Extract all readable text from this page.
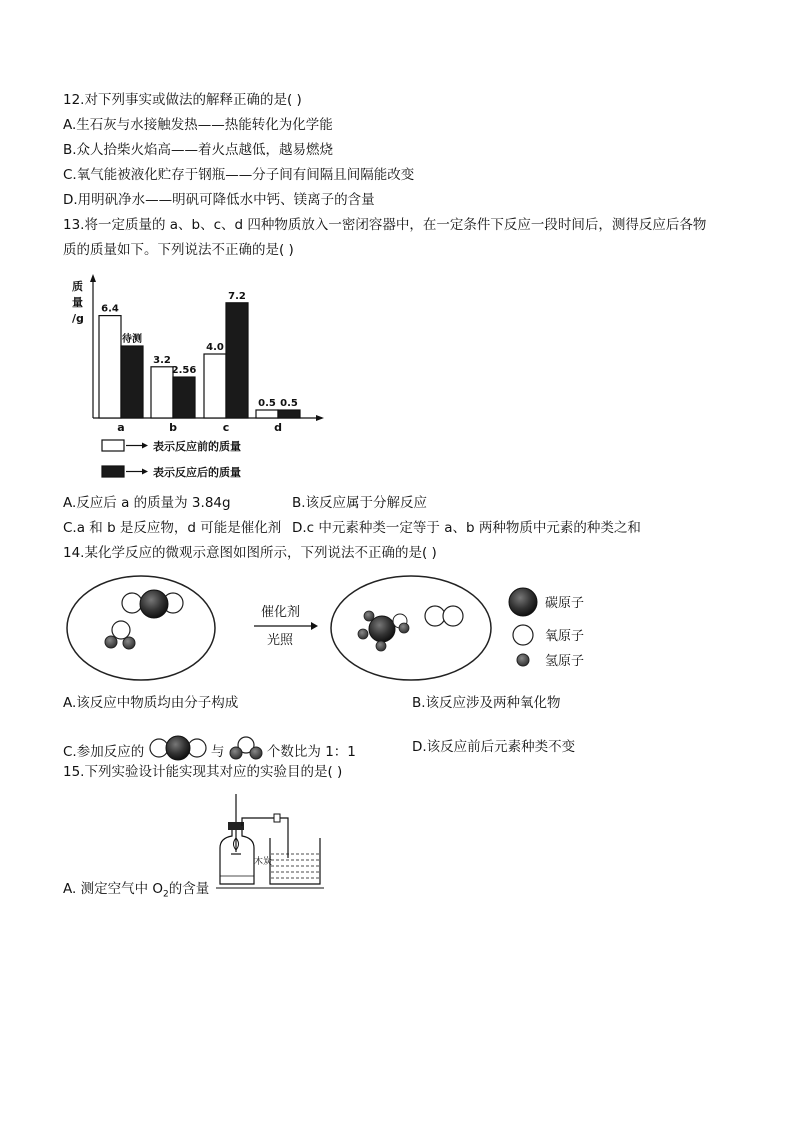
12.对下列事实或做法的解释正确的是( )
A.生石灰与水接触发热——热能转化为化学能
B.众人拾柴火焰高——着火点越低，越易燃烧
C.氧气能被液化贮存于钢瓶——分子间有间隔且间隔能改变
D.用明矾净水——明矾可降低水中钙、镁离子的含量
13.将一定质量的 a、b、c、d 四种物质放入一密闭容器中，在一定条件下反应一段时间后，测得反应后各物
质的质量如下。下列说法不正确的是( )
质
量
/g
6.4
待测
a
3.2
2.56
b
4.0
7.2
c
0.5 0.5
d
表示反应前的质量
表示反应后的质量
A.反应后 a 的质量为 3.84g	B.该反应属于分解反应
C.a 和 b 是反应物，d 可能是催化剂 D.c 中元素种类一定等于 a、b 两种物质中元素的种类之和
14.某化学反应的微观示意图如图所示，下列说法不正确的是( )
催化剂
光照
碳原子
氧原子
氢原子
A.该反应中物质均由分子构成	B.该反应涉及两种氧化物
C.参加反应的	与	个数比为 1：1	D.该反应前后元素种类不变
15.下列实验设计能实现其对应的实验目的是( )
A. 测定空气中 $O_2$的含量
木炭
